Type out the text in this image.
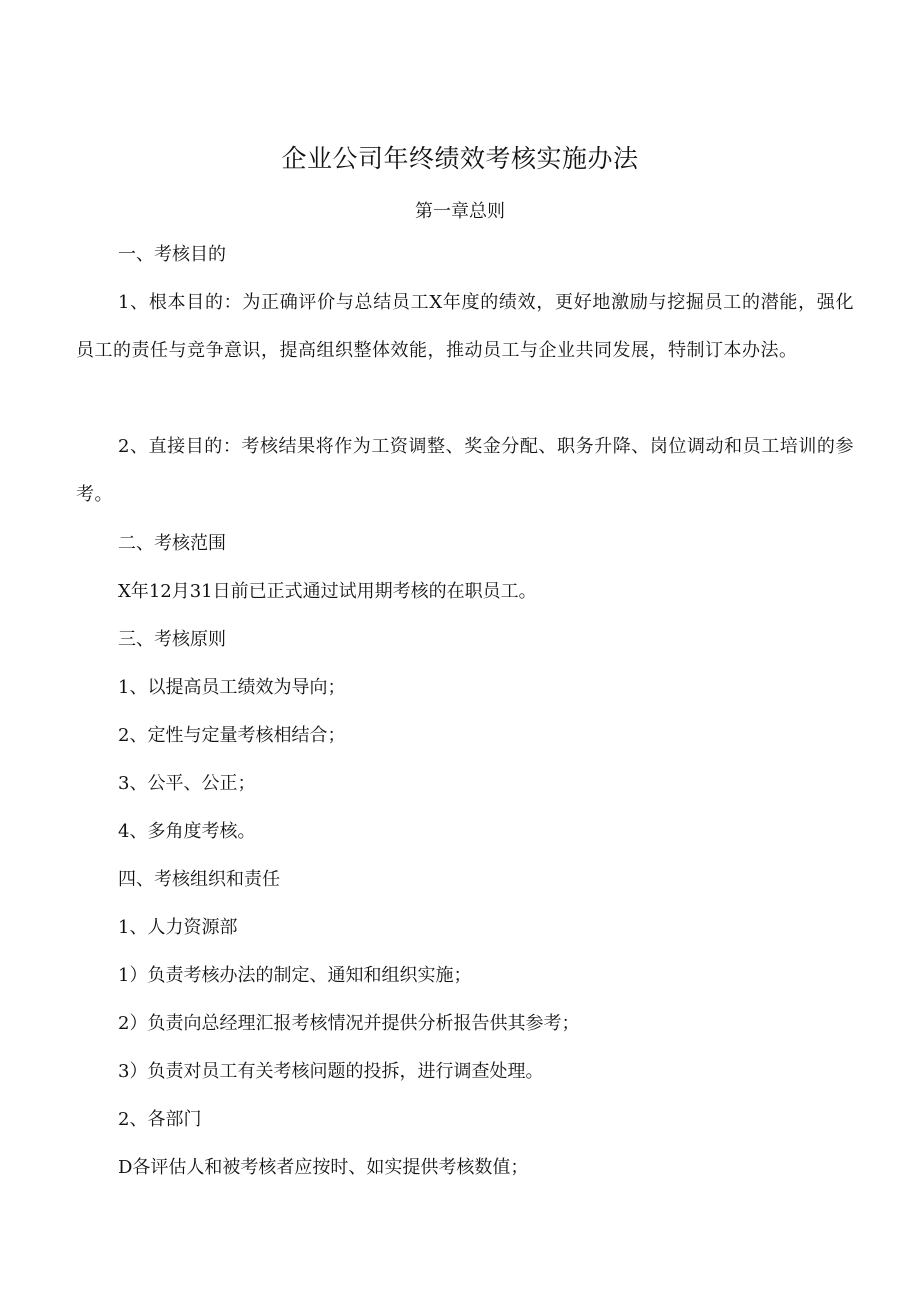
企业公司年终绩效考核实施办法
第一章总则

一、考核目的

1、根本目的：为正确评价与总结员工X年度的绩效，更好地激励与挖掘员工的潜能，强化员工的责任与竞争意识，提高组织整体效能，推动员工与企业共同发展，特制订本办法。

2、直接目的：考核结果将作为工资调整、奖金分配、职务升降、岗位调动和员工培训的参考。

二、考核范围

X年12月31日前已正式通过试用期考核的在职员工。

三、考核原则

1、以提高员工绩效为导向；

2、定性与定量考核相结合；

3、公平、公正；

4、多角度考核。

四、考核组织和责任

1、人力资源部

1）负责考核办法的制定、通知和组织实施；

2）负责向总经理汇报考核情况并提供分析报告供其参考；

3）负责对员工有关考核问题的投拆，进行调查处理。

2、各部门

D各评估人和被考核者应按时、如实提供考核数值；
